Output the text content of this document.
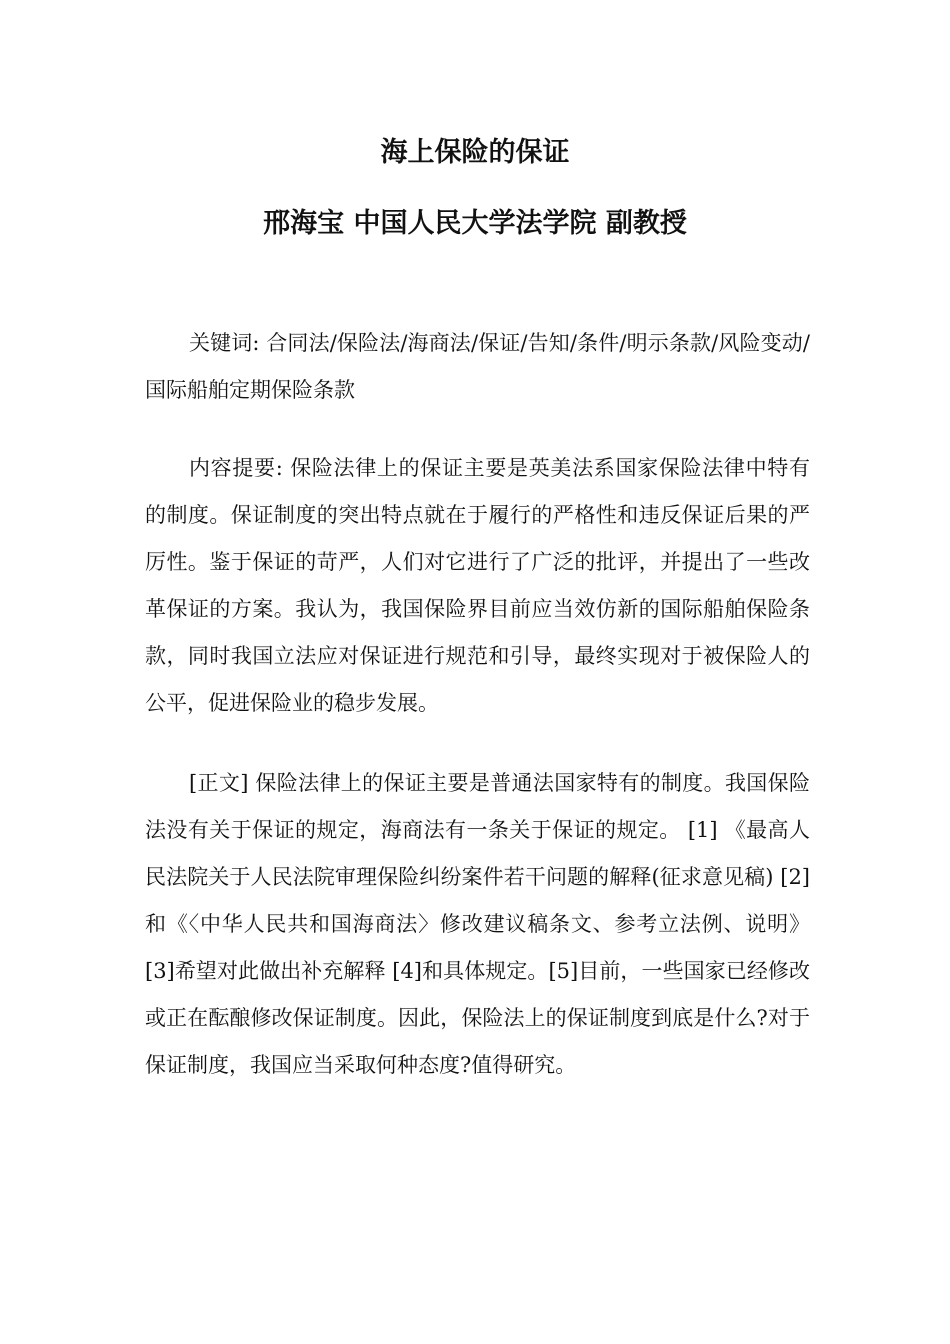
海上保险的保证
邢海宝 中国人民大学法学院 副教授

关键词: 合同法/保险法/海商法/保证/告知/条件/明示条款/风险变动/国际船舶定期保险条款

内容提要: 保险法律上的保证主要是英美法系国家保险法律中特有的制度。保证制度的突出特点就在于履行的严格性和违反保证后果的严厉性。鉴于保证的苛严，人们对它进行了广泛的批评，并提出了一些改革保证的方案。我认为，我国保险界目前应当效仿新的国际船舶保险条款，同时我国立法应对保证进行规范和引导，最终实现对于被保险人的公平，促进保险业的稳步发展。

[正文] 保险法律上的保证主要是普通法国家特有的制度。我国保险法没有关于保证的规定，海商法有一条关于保证的规定。 [1] 《最高人民法院关于人民法院审理保险纠纷案件若干问题的解释(征求意见稿) [2]和《〈中华人民共和国海商法〉修改建议稿条文、参考立法例、说明》 [3]希望对此做出补充解释 [4]和具体规定。[5]目前，一些国家已经修改或正在酝酿修改保证制度。因此，保险法上的保证制度到底是什么?对于保证制度，我国应当采取何种态度?值得研究。
